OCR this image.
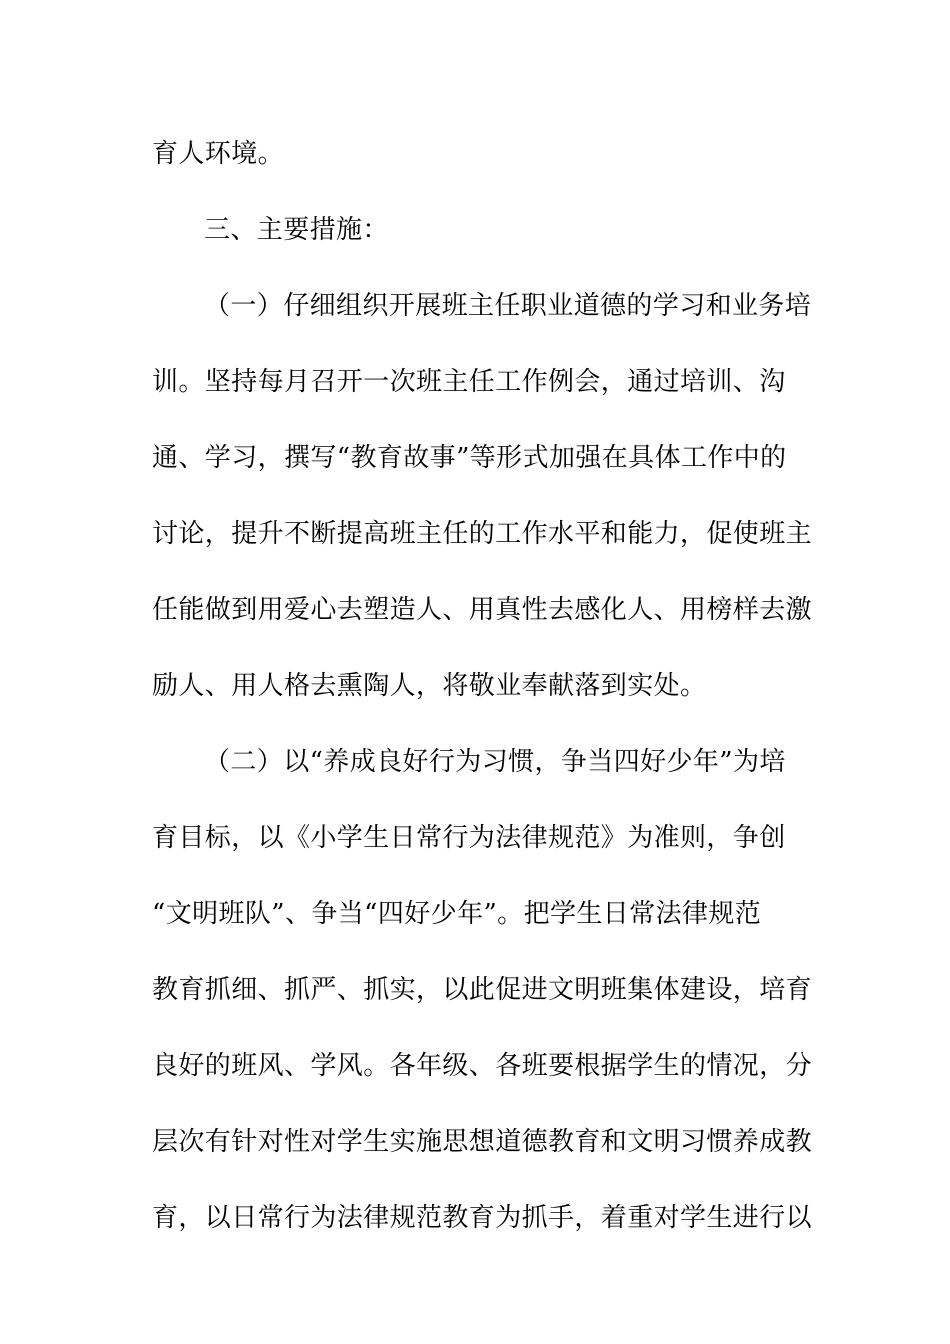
育人环境。
三、主要措施：
（一）仔细组织开展班主任职业道德的学习和业务培
训。坚持每月召开一次班主任工作例会，通过培训、沟
通、学习，撰写“教育故事”等形式加强在具体工作中的
讨论，提升不断提高班主任的工作水平和能力，促使班主
任能做到用爱心去塑造人、用真性去感化人、用榜样去激
励人、用人格去熏陶人，将敬业奉献落到实处。
（二）以“养成良好行为习惯，争当四好少年”为培
育目标，以《小学生日常行为法律规范》为准则，争创
“文明班队”、争当“四好少年”。把学生日常法律规范
教育抓细、抓严、抓实，以此促进文明班集体建设，培育
良好的班风、学风。各年级、各班要根据学生的情况，分
层次有针对性对学生实施思想道德教育和文明习惯养成教
育，以日常行为法律规范教育为抓手，着重对学生进行以
